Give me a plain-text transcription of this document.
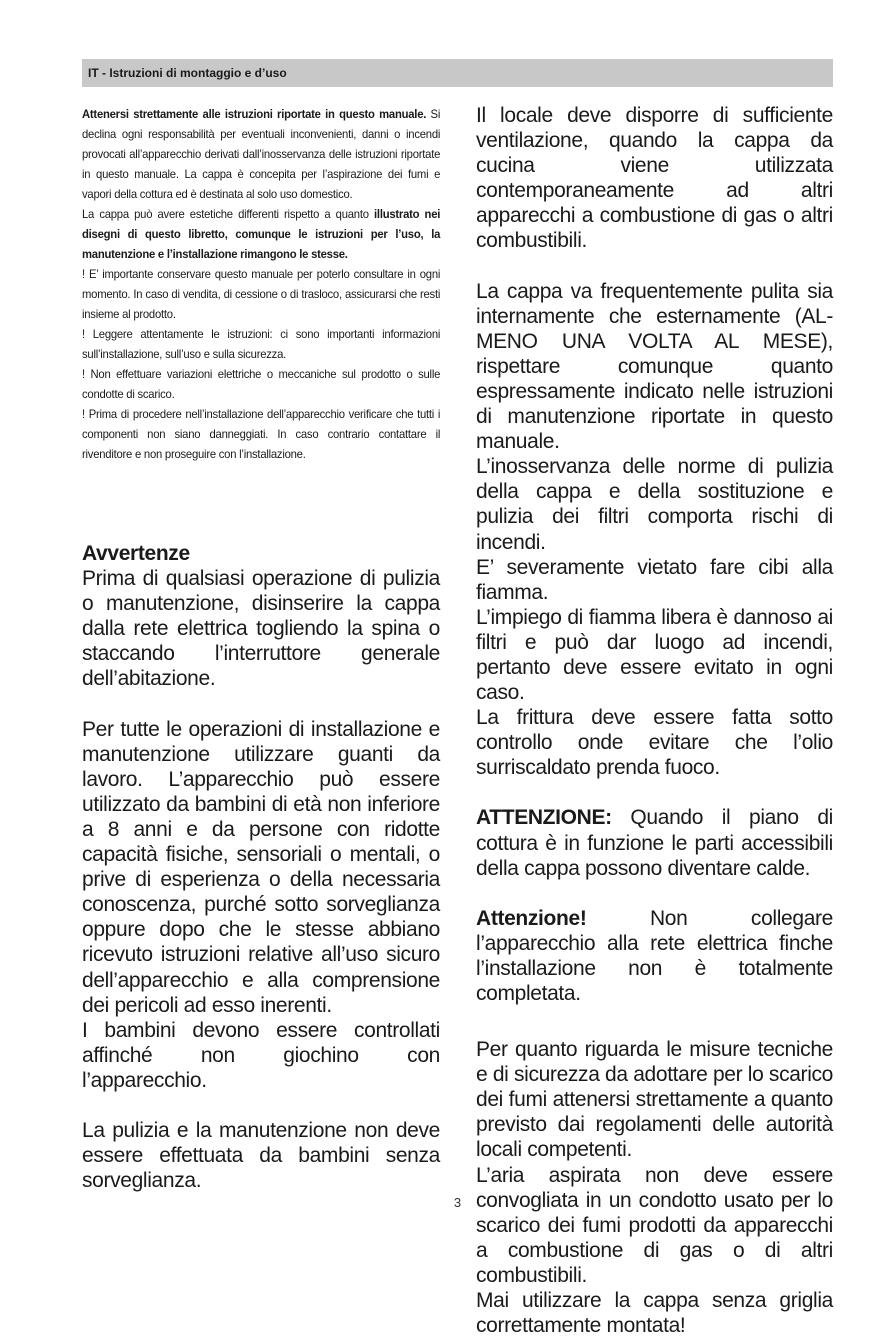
IT - Istruzioni di montaggio e d’uso

Attenersi strettamente alle istruzioni riportate in questo manuale. Si declina ogni responsabilità per eventuali inconvenienti, danni o incendi provocati all’apparecchio derivati dall’inosservanza delle istruzioni riportate in questo manuale. La cappa è concepita per l’aspirazione dei fumi e vapori della cottura ed è destinata al solo uso domestico.

La cappa può avere estetiche differenti rispetto a quanto illustrato nei disegni di questo libretto, comunque le istruzioni per l’uso, la manutenzione e l’installazione rimangono le stesse.

! E’ importante conservare questo manuale per poterlo consultare in ogni momento. In caso di vendita, di cessione o di trasloco, assicurarsi che resti insieme al prodotto.

! Leggere attentamente le istruzioni: ci sono importanti informazioni sull’installazione, sull’uso e sulla sicurezza.

! Non effettuare variazioni elettriche o meccaniche sul prodotto o sulle condotte di scarico.

! Prima di procedere nell’installazione dell’apparecchio verificare che tutti i componenti non siano danneggiati. In caso contrario contattare il rivenditore e non proseguire con l’installazione.

Avvertenze

Prima di qualsiasi operazione di pulizia o manutenzione, disinserire la cappa dalla rete elettrica togliendo la spina o staccando l’interruttore generale dell’abitazione.

Per tutte le operazioni di installazione e manutenzione utilizzare guanti da lavoro. L’apparecchio può essere utilizzato da bambini di età non inferiore a 8 anni e da persone con ridotte capacità fisiche, sensoriali o mentali, o prive di esperienza o della necessaria conoscenza, purché sotto sorveglianza oppure dopo che le stesse abbiano ricevuto istruzioni relative all’uso sicuro dell’apparecchio e alla comprensione dei pericoli ad esso inerenti.

I bambini devono essere controllati affinché non giochino con l’apparecchio.

La pulizia e la manutenzione non deve essere effettuata da bambini senza sorveglianza.

Il locale deve disporre di sufficiente ventilazione, quando la cappa da cucina viene utilizzata contemporaneamente ad altri apparecchi a combustione di gas o altri combustibili.

La cappa va frequentemente pulita sia internamente che esternamente (AL-MENO UNA VOLTA AL MESE), rispettare comunque quanto espressamente indicato nelle istruzioni di manutenzione riportate in questo manuale.

L’inosservanza delle norme di pulizia della cappa e della sostituzione e pulizia dei filtri comporta rischi di incendi.

E’ severamente vietato fare cibi alla fiamma.

L’impiego di fiamma libera è dannoso ai filtri e può dar luogo ad incendi, pertanto deve essere evitato in ogni caso.

La frittura deve essere fatta sotto controllo onde evitare che l’olio surriscaldato prenda fuoco.

ATTENZIONE: Quando il piano di cottura è in funzione le parti accessibili della cappa possono diventare calde.

Attenzione! Non collegare l’apparecchio alla rete elettrica finche l’installazione non è totalmente completata.

Per quanto riguarda le misure tecniche e di sicurezza da adottare per lo scarico dei fumi attenersi strettamente a quanto previsto dai regolamenti delle autorità locali competenti.

L’aria aspirata non deve essere convogliata in un condotto usato per lo scarico dei fumi prodotti da apparecchi a combustione di gas o di altri combustibili.

Mai utilizzare la cappa senza griglia correttamente montata!

3
